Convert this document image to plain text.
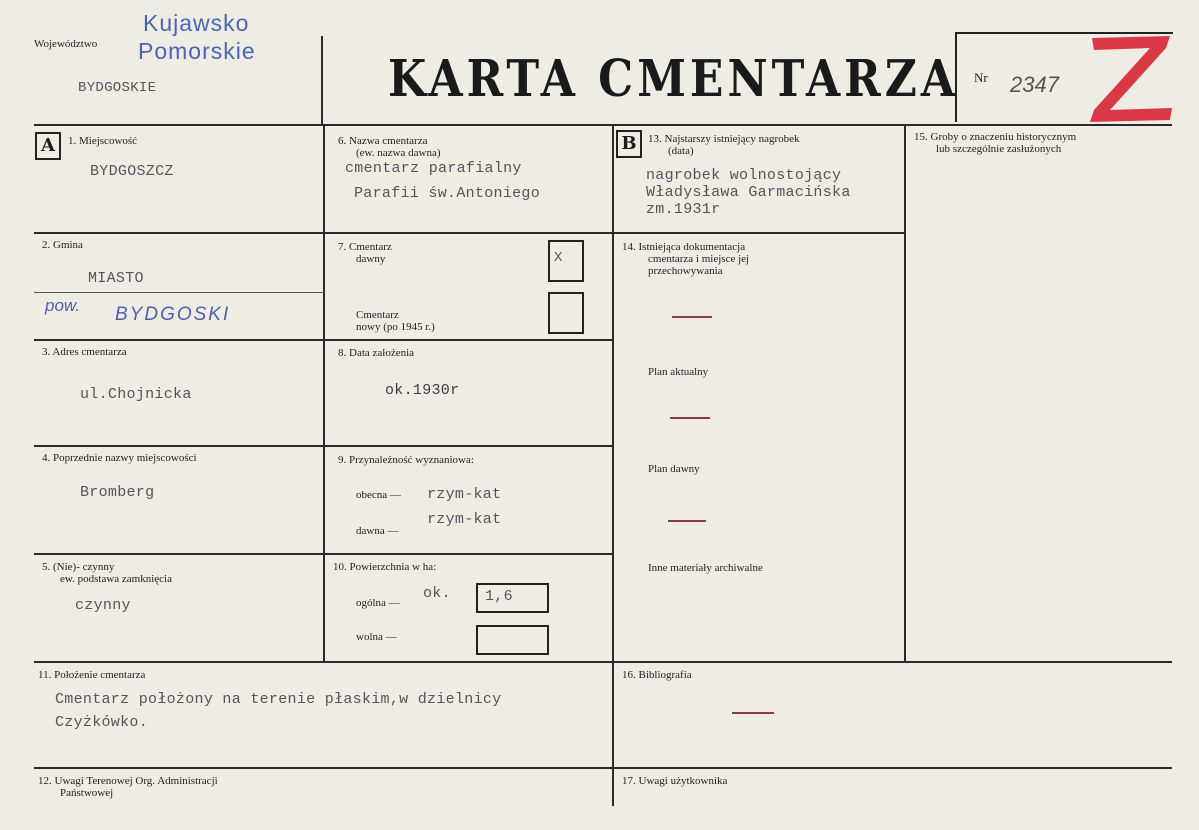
Województwo
Kujawsko
Pomorskie
BYDGOSKIE	KARTA CMENTARZA Nr 2347
A	1. Miejscowość
BYDGOSZCZ
2. Gmina
MIASTO
pow. BYDGOSKI
3. Adres cmentarza
ul.Chojnicka
4. Poprzednie nazwy miejscowości
Bromberg
5. (Nie)- czynny
ew. podstawa zamknięcia
czynny
6. Nazwa cmentarza
(ew. nazwa dawna)
cmentarz parafialny
Parafii św.Antoniego
7. Cmentarz
dawny	X
Cmentarz
nowy (po 1945 r.)
8. Data założenia
ok.1930r
9. Przynależność wyznaniowa:
obecna — rzym-kat
dawna —
rzym-kat
10. Powierzchnia w ha:
ogólna —
ok. 1,6
wolna —
11. Położenie cmentarza
Cmentarz położony na terenie płaskim,w dzielnicy
Czyżkówko.
12. Uwagi Terenowej Org. Administracji
Państwowej
B	13. Najstarszy istniejący nagrobek
(data)
nagrobek wolnostojący
Władysława Garmacińska
zm.1931r
14. Istniejąca dokumentacja
cmentarza i miejsce jej
przechowywania
Plan aktualny
Plan dawny
Inne materiały archiwalne
15. Groby o znaczeniu historycznym
lub szczególnie zasłużonych
16. Bibliografia
17. Uwagi użytkownika
